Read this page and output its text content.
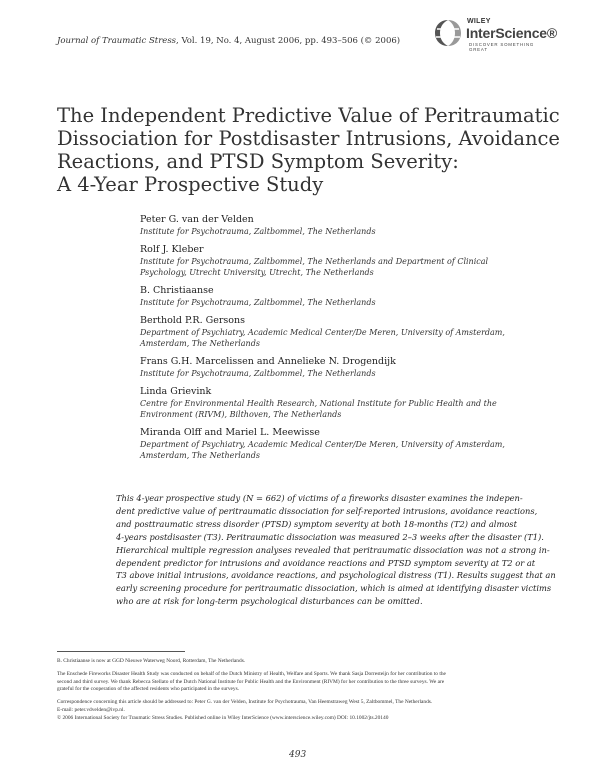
Journal of Traumatic Stress, Vol. 19, No. 4, August 2006, pp. 493–506 (© 2006)
WILEY
InterScience®
DISCOVER SOMETHING GREAT
The Independent Predictive Value of Peritraumatic
Dissociation for Postdisaster Intrusions, Avoidance
Reactions, and PTSD Symptom Severity:
A 4-Year Prospective Study
Peter G. van der Velden
Institute for Psychotrauma, Zaltbommel, The Netherlands
Rolf J. Kleber
Institute for Psychotrauma, Zaltbommel, The Netherlands and Department of Clinical
Psychology, Utrecht University, Utrecht, The Netherlands
B. Christiaanse
Institute for Psychotrauma, Zaltbommel, The Netherlands
Berthold P.R. Gersons
Department of Psychiatry, Academic Medical Center/De Meren, University of Amsterdam,
Amsterdam, The Netherlands
Frans G.H. Marcelissen and Annelieke N. Drogendijk
Institute for Psychotrauma, Zaltbommel, The Netherlands
Linda Grievink
Centre for Environmental Health Research, National Institute for Public Health and the
Environment (RIVM), Bilthoven, The Netherlands
Miranda Olff and Mariel L. Meewisse
Department of Psychiatry, Academic Medical Center/De Meren, University of Amsterdam,
Amsterdam, The Netherlands
This 4-year prospective study (N = 662) of victims of a fireworks disaster examines the indepen-
dent predictive value of peritraumatic dissociation for self-reported intrusions, avoidance reactions,
and posttraumatic stress disorder (PTSD) symptom severity at both 18-months (T2) and almost
4-years postdisaster (T3). Peritraumatic dissociation was measured 2–3 weeks after the disaster (T1).
Hierarchical multiple regression analyses revealed that peritraumatic dissociation was not a strong in-
dependent predictor for intrusions and avoidance reactions and PTSD symptom severity at T2 or at
T3 above initial intrusions, avoidance reactions, and psychological distress (T1). Results suggest that an
early screening procedure for peritraumatic dissociation, which is aimed at identifying disaster victims
who are at risk for long-term psychological disturbances can be omitted.

B. Christiaanse is now at GGD Nieuwe Waterweg Noord, Rotterdam, The Netherlands.

The Enschede Fireworks Disaster Health Study was conducted on behalf of the Dutch Ministry of Health, Welfare and Sports. We thank Sasja Dorresteijn for her contribution to the
second and third survey. We thank Rebecca Stellato of the Dutch National Institute for Public Health and the Environment (RIVM) for her contribution to the three surveys. We are
grateful for the cooperation of the affected residents who participated in the surveys.

Correspondence concerning this article should be addressed to: Peter G. van der Velden, Institute for Psychotrauma, Van Heemstraweg West 5, Zaltbommel, The Netherlands.
E-mail: peter.vdvelden@ivp.nl.

© 2006 International Society for Traumatic Stress Studies. Published online in Wiley InterScience (www.interscience.wiley.com) DOI: 10.1002/jts.20140

493
